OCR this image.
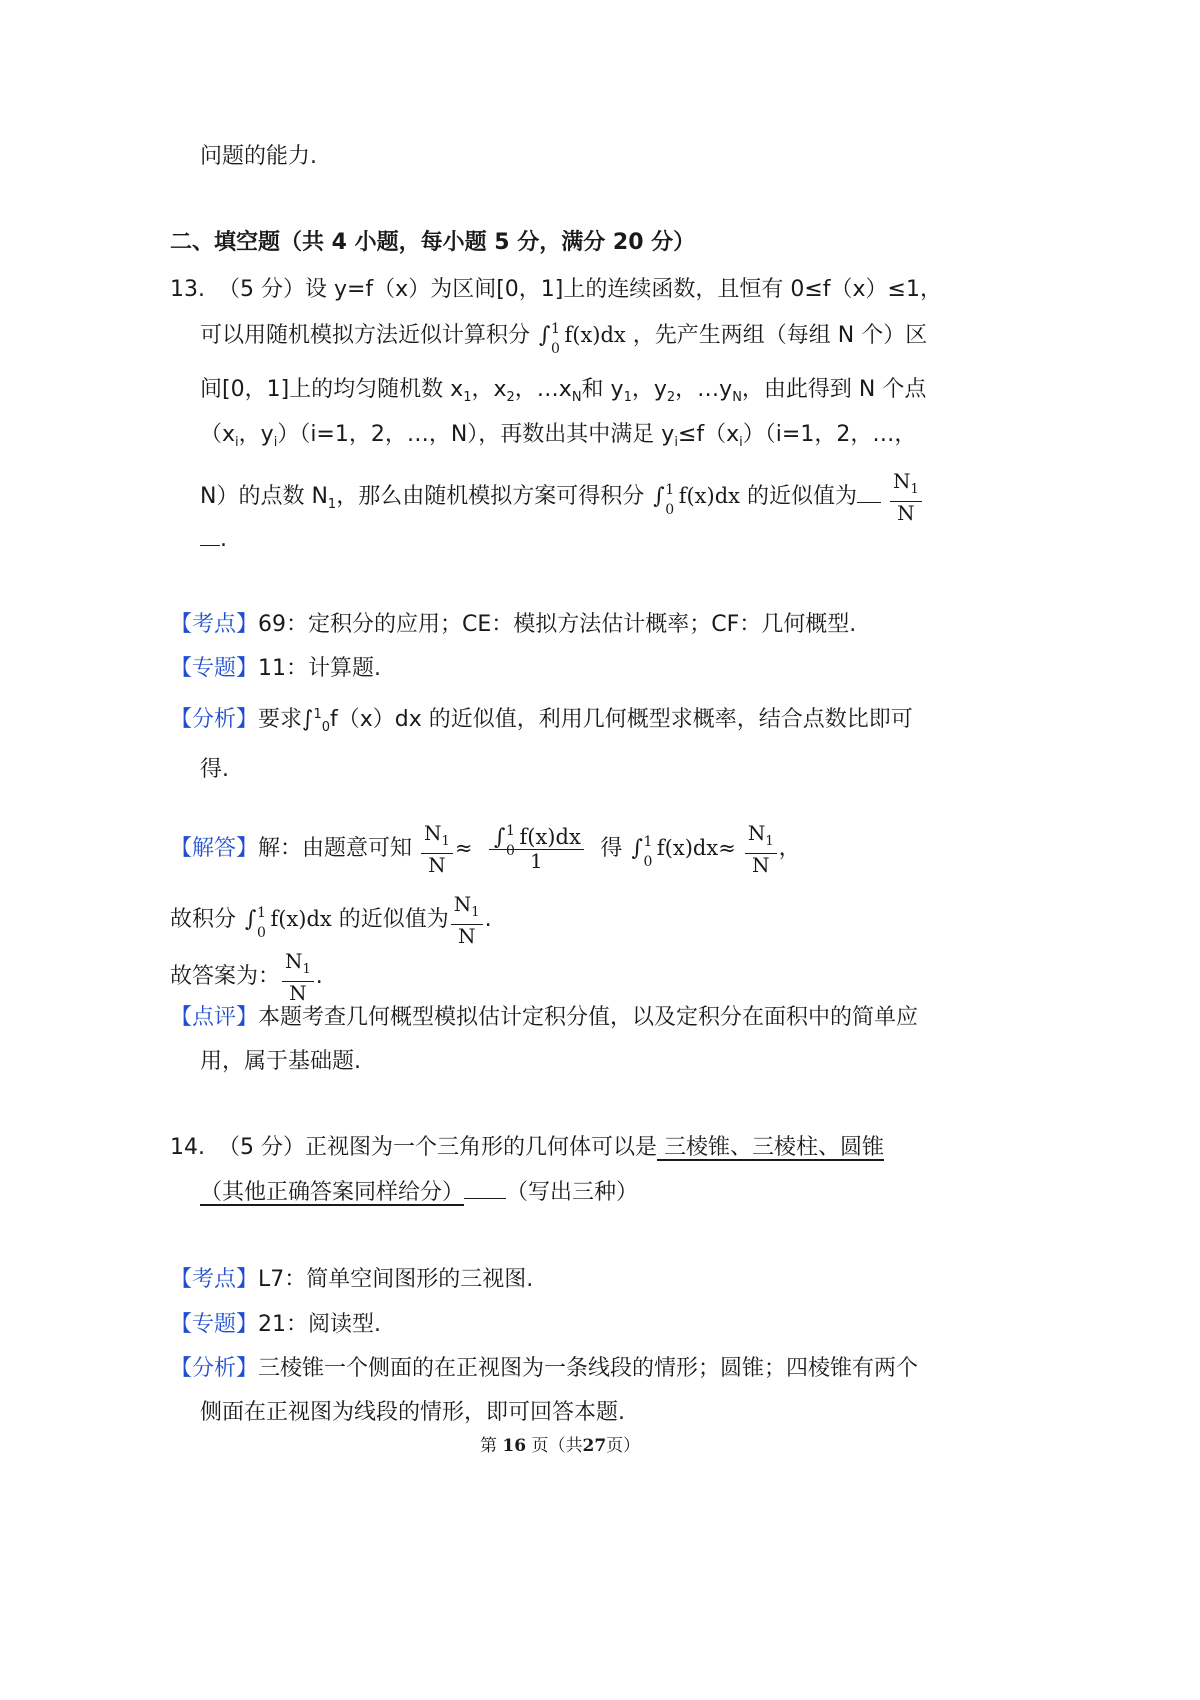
问题的能力.
二、填空题（共 4 小题，每小题 5 分，满分 20 分）
13. （5 分）设 y=f（x）为区间[0，1]上的连续函数，且恒有 0≤f（x）≤1，
可以用随机模拟方法近似计算积分 ∫ 1
0
f(x)dx ，先产生两组（每组 N 个）区
间[0，1]上的均匀随机数 $x_1$，$x_2$，$\dots x_N$和 $y_1$，$y_2$，$\dots y_N$，由此得到 N 个点
（$x_i$，$y_i)(i=1$，2，…，N），再数出其中满足 $y_i\le f(x_i)(i=1$，2，…，
N）的点数 $N_1$，那么由随机模拟方案可得积分 ∫ 1
0
f(x)dx 的近似值为 $\frac{N_1}{N}$
.
【考点】69：定积分的应用；CE：模拟方法估计概率；CF：几何概型.
【专题】11：计算题.
【分析】要求∫$^1_0$f（x）dx 的近似值，利用几何概型求概率，结合点数比即可
得.
【解答】解：由题意可知 $\frac{N_1}{N}$ ≈ ∫ 1
0
f(x)dx
1 得 ∫ 1
0
$f(x)dx\approx \frac{N_1}{N}$ ，
故积分 ∫ 1
0
f(x)dx 的近似值为 $\frac{N_1}{N}$ .
故答案为： $\frac{N_1}{N}$ .
【点评】本题考查几何概型模拟估计定积分值，以及定积分在面积中的简单应
用，属于基础题.
14. （5 分）正视图为一个三角形的几何体可以是 三棱锥、三棱柱、圆锥
（其他正确答案同样给分） （写出三种）
【考点】L7：简单空间图形的三视图.
【专题】21：阅读型.
【分析】三棱锥一个侧面的在正视图为一条线段的情形；圆锥；四棱锥有两个
侧面在正视图为线段的情形，即可回答本题.
第 16 页（共27页）
